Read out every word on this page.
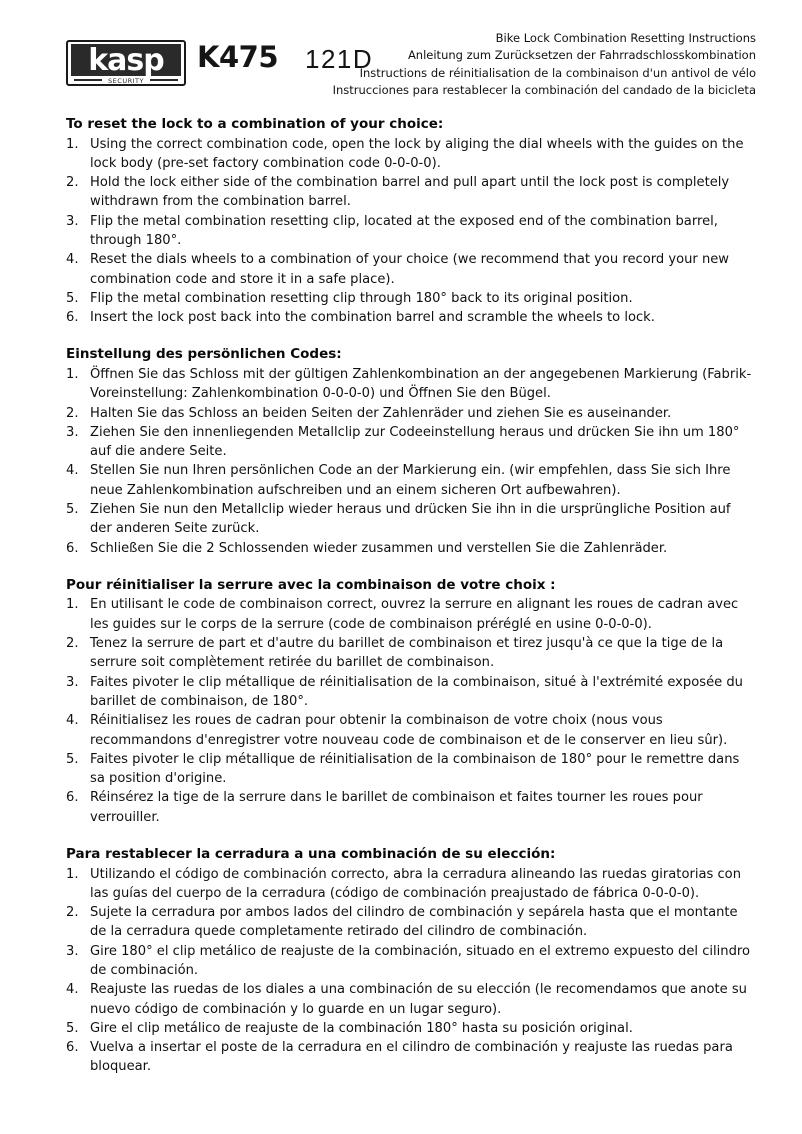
kasp
SECURITY
K475 121D
Bike Lock Combination Resetting Instructions
Anleitung zum Zurücksetzen der Fahrradschlosskombination
Instructions de réinitialisation de la combinaison d'un antivol de vélo
Instrucciones para restablecer la combinación del candado de la bicicleta
To reset the lock to a combination of your choice:
1. Using the correct combination code, open the lock by aliging the dial wheels with the guides on the lock body (pre-set factory combination code 0-0-0-0).
2. Hold the lock either side of the combination barrel and pull apart until the lock post is completely withdrawn from the combination barrel.
3. Flip the metal combination resetting clip, located at the exposed end of the combination barrel, through 180°.
4. Reset the dials wheels to a combination of your choice (we recommend that you record your new combination code and store it in a safe place).
5. Flip the metal combination resetting clip through 180° back to its original position.
6. Insert the lock post back into the combination barrel and scramble the wheels to lock.
Einstellung des persönlichen Codes:
1. Öffnen Sie das Schloss mit der gültigen Zahlenkombination an der angegebenen Markierung (Fabrik-Voreinstellung: Zahlenkombination 0-0-0-0) und Öffnen Sie den Bügel.
2. Halten Sie das Schloss an beiden Seiten der Zahlenräder und ziehen Sie es auseinander.
3. Ziehen Sie den innenliegenden Metallclip zur Codeeinstellung heraus und drücken Sie ihn um 180° auf die andere Seite.
4. Stellen Sie nun Ihren persönlichen Code an der Markierung ein. (wir empfehlen, dass Sie sich Ihre neue Zahlenkombination aufschreiben und an einem sicheren Ort aufbewahren).
5. Ziehen Sie nun den Metallclip wieder heraus und drücken Sie ihn in die ursprüngliche Position auf der anderen Seite zurück.
6. Schließen Sie die 2 Schlossenden wieder zusammen und verstellen Sie die Zahlenräder.
Pour réinitialiser la serrure avec la combinaison de votre choix :
1. En utilisant le code de combinaison correct, ouvrez la serrure en alignant les roues de cadran avec les guides sur le corps de la serrure (code de combinaison préréglé en usine 0-0-0-0).
2. Tenez la serrure de part et d'autre du barillet de combinaison et tirez jusqu'à ce que la tige de la serrure soit complètement retirée du barillet de combinaison.
3. Faites pivoter le clip métallique de réinitialisation de la combinaison, situé à l'extrémité exposée du barillet de combinaison, de 180°.
4. Réinitialisez les roues de cadran pour obtenir la combinaison de votre choix (nous vous recommandons d'enregistrer votre nouveau code de combinaison et de le conserver en lieu sûr).
5. Faites pivoter le clip métallique de réinitialisation de la combinaison de 180° pour le remettre dans sa position d'origine.
6. Réinsérez la tige de la serrure dans le barillet de combinaison et faites tourner les roues pour verrouiller.
Para restablecer la cerradura a una combinación de su elección:
1. Utilizando el código de combinación correcto, abra la cerradura alineando las ruedas giratorias con las guías del cuerpo de la cerradura (código de combinación preajustado de fábrica 0-0-0-0).
2. Sujete la cerradura por ambos lados del cilindro de combinación y sepárela hasta que el montante de la cerradura quede completamente retirado del cilindro de combinación.
3. Gire 180° el clip metálico de reajuste de la combinación, situado en el extremo expuesto del cilindro de combinación.
4. Reajuste las ruedas de los diales a una combinación de su elección (le recomendamos que anote su nuevo código de combinación y lo guarde en un lugar seguro).
5. Gire el clip metálico de reajuste de la combinación 180° hasta su posición original.
6. Vuelva a insertar el poste de la cerradura en el cilindro de combinación y reajuste las ruedas para bloquear.
